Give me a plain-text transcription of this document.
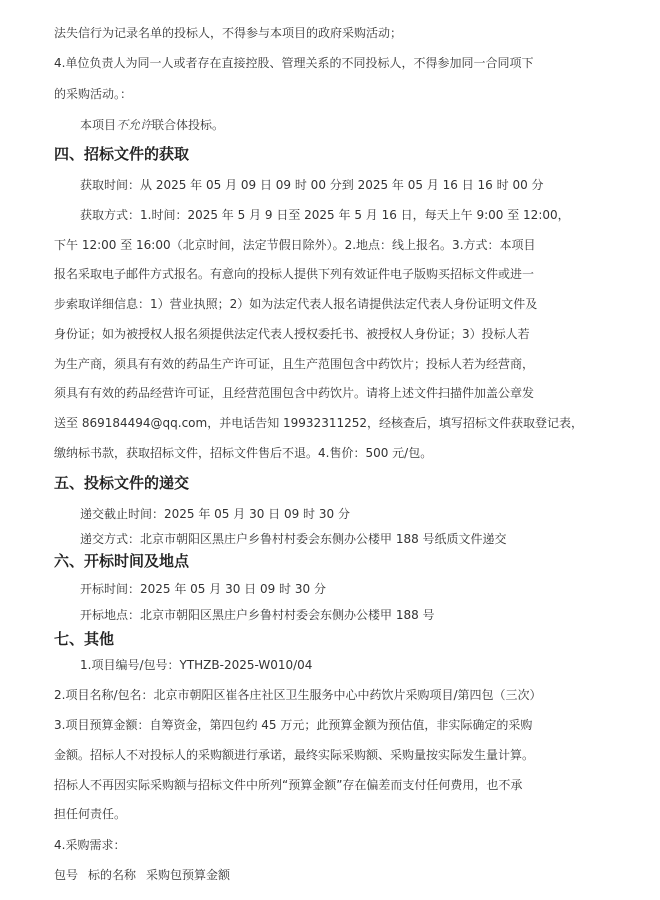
法失信行为记录名单的投标人，不得参与本项目的政府采购活动；
4.单位负责人为同一人或者存在直接控股、管理关系的不同投标人，不得参加同一合同项下
的采购活动。：
本项目不允许联合体投标。
四、招标文件的获取
获取时间：从 2025 年 05 月 09 日 09 时 00 分到 2025 年 05 月 16 日 16 时 00 分
获取方式：1.时间：2025 年 5 月 9 日至 2025 年 5 月 16 日，每天上午 9:00 至 12:00，
下午 12:00 至 16:00（北京时间，法定节假日除外）。2.地点：线上报名。3.方式：本项目
报名采取电子邮件方式报名。有意向的投标人提供下列有效证件电子版购买招标文件或进一
步索取详细信息：1）营业执照；2）如为法定代表人报名请提供法定代表人身份证明文件及
身份证；如为被授权人报名须提供法定代表人授权委托书、被授权人身份证；3）投标人若
为生产商，须具有有效的药品生产许可证，且生产范围包含中药饮片；投标人若为经营商，
须具有有效的药品经营许可证，且经营范围包含中药饮片。请将上述文件扫描件加盖公章发
送至 869184494@qq.com，并电话告知 19932311252，经核查后，填写招标文件获取登记表，
缴纳标书款，获取招标文件，招标文件售后不退。4.售价：500 元/包。
五、投标文件的递交
递交截止时间：2025 年 05 月 30 日 09 时 30 分
递交方式：北京市朝阳区黑庄户乡鲁村村委会东侧办公楼甲 188 号纸质文件递交
六、开标时间及地点
开标时间：2025 年 05 月 30 日 09 时 30 分
开标地点：北京市朝阳区黑庄户乡鲁村村委会东侧办公楼甲 188 号
七、其他
1.项目编号/包号：YTHZB-2025-W010/04
2.项目名称/包名：北京市朝阳区崔各庄社区卫生服务中心中药饮片采购项目/第四包（三次）
3.项目预算金额：自筹资金，第四包约 45 万元；此预算金额为预估值，非实际确定的采购
金额。招标人不对投标人的采购额进行承诺，最终实际采购额、采购量按实际发生量计算。
招标人不再因实际采购额与招标文件中所列“预算金额”存在偏差而支付任何费用，也不承
担任何责任。
4.采购需求：
包号 标的名称 采购包预算金额
